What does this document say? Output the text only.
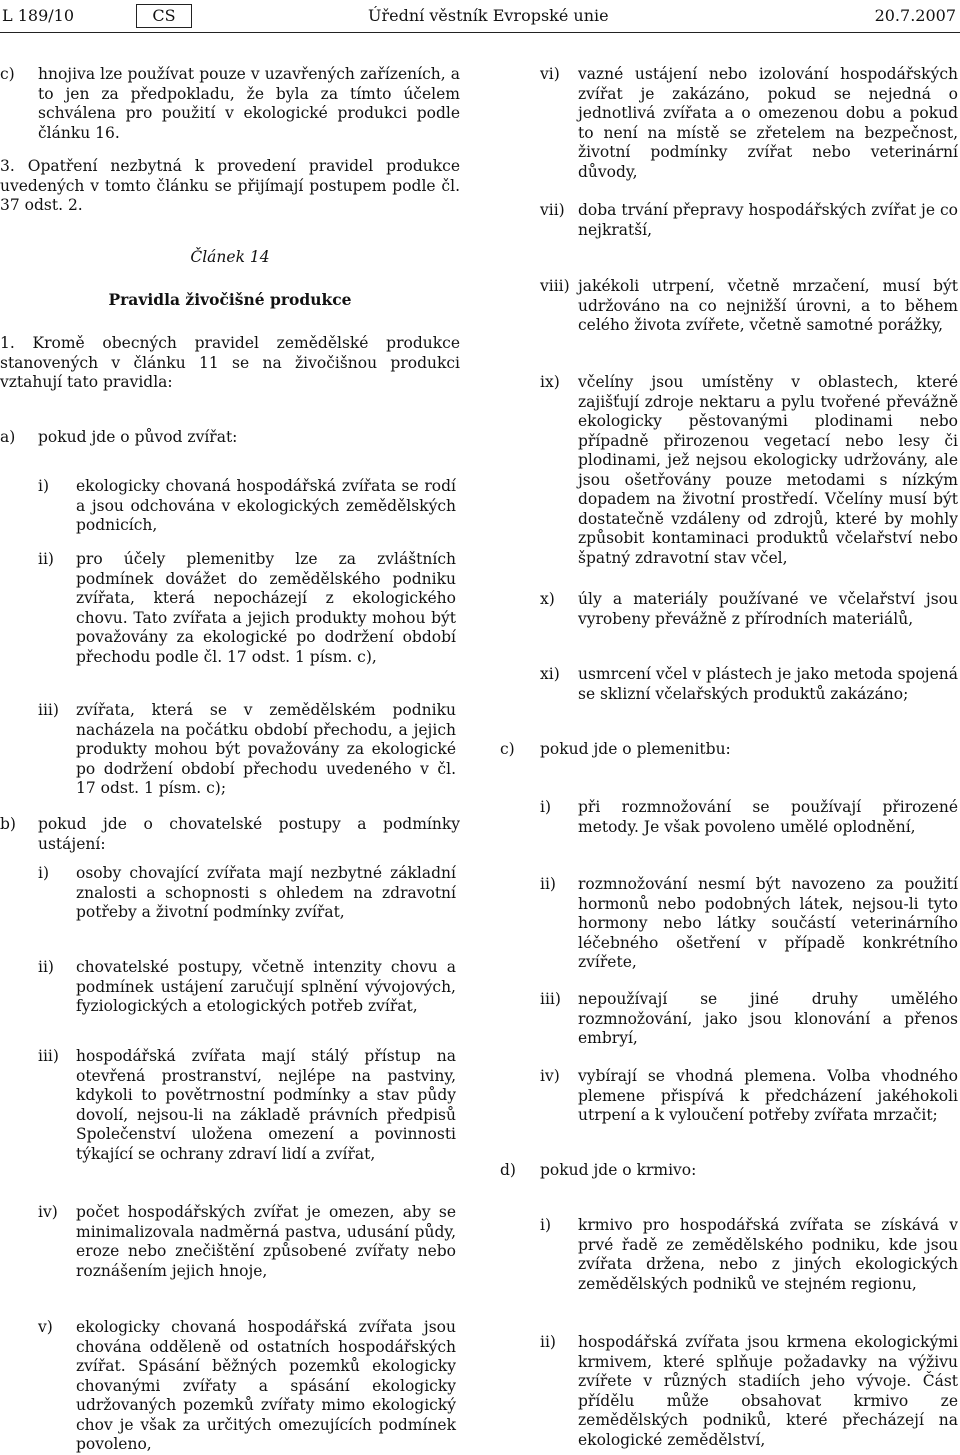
L 189/10	CS	Úřední věstník Evropské unie	20.7.2007
c) hnojiva lze používat pouze v uzavřených zařízeních, a to jen za předpokladu, že byla za tímto účelem schválena pro použití v ekologické produkci podle článku 16.
3. Opatření nezbytná k provedení pravidel produkce uvedených v tomto článku se přijímají postupem podle čl. 37 odst. 2.
Článek 14
Pravidla živočišné produkce
1. Kromě obecných pravidel zemědělské produkce stanovených v článku 11 se na živočišnou produkci vztahují tato pravidla:
a) pokud jde o původ zvířat:
i) ekologicky chovaná hospodářská zvířata se rodí a jsou odchována v ekologických zemědělských podnicích,
ii) pro účely plemenitby lze za zvláštních podmínek dovážet do zemědělského podniku zvířata, která nepocházejí z ekologického chovu. Tato zvířata a jejich produkty mohou být považovány za ekologické po dodržení období přechodu podle čl. 17 odst. 1 písm. c),
iii) zvířata, která se v zemědělském podniku nacházela na počátku období přechodu, a jejich produkty mohou být považovány za ekologické po dodržení období přechodu uvedeného v čl. 17 odst. 1 písm. c);
b) pokud jde o chovatelské postupy a podmínky ustájení:
i) osoby chovající zvířata mají nezbytné základní znalosti a schopnosti s ohledem na zdravotní potřeby a životní podmínky zvířat,
ii) chovatelské postupy, včetně intenzity chovu a podmínek ustájení zaručují splnění vývojových, fyziologických a etologických potřeb zvířat,
iii) hospodářská zvířata mají stálý přístup na otevřená prostranství, nejlépe na pastviny, kdykoli to povětrnostní podmínky a stav půdy dovolí, nejsou-li na základě právních předpisů Společenství uložena omezení a povinnosti týkající se ochrany zdraví lidí a zvířat,
iv) počet hospodářských zvířat je omezen, aby se minimalizovala nadměrná pastva, udusání půdy, eroze nebo znečištění způsobené zvířaty nebo roznášením jejich hnoje,
v) ekologicky chovaná hospodářská zvířata jsou chována odděleně od ostatních hospodářských zvířat. Spásání běžných pozemků ekologicky chovanými zvířaty a spásání ekologicky udržovaných pozemků zvířaty mimo ekologický chov je však za určitých omezujících podmínek povoleno,
vi) vazné ustájení nebo izolování hospodářských zvířat je zakázáno, pokud se nejedná o jednotlivá zvířata a o omezenou dobu a pokud to není na místě se zřetelem na bezpečnost, životní podmínky zvířat nebo veterinární důvody,
vii) doba trvání přepravy hospodářských zvířat je co nejkratší,
viii) jakékoli utrpení, včetně mrzačení, musí být udržováno na co nejnižší úrovni, a to během celého života zvířete, včetně samotné porážky,
ix) včelíny jsou umístěny v oblastech, které zajišťují zdroje nektaru a pylu tvořené převážně ekologicky pěstovanými plodinami nebo případně přirozenou vegetací nebo lesy či plodinami, jež nejsou ekologicky udržovány, ale jsou ošetřovány pouze metodami s nízkým dopadem na životní prostředí. Včelíny musí být dostatečně vzdáleny od zdrojů, které by mohly způsobit kontaminaci produktů včelařství nebo špatný zdravotní stav včel,
x) úly a materiály používané ve včelařství jsou vyrobeny převážně z přírodních materiálů,
xi) usmrcení včel v plástech je jako metoda spojená se sklizní včelařských produktů zakázáno;
c) pokud jde o plemenitbu:
i) při rozmnožování se používají přirozené metody. Je však povoleno umělé oplodnění,
ii) rozmnožování nesmí být navozeno za použití hormonů nebo podobných látek, nejsou-li tyto hormony nebo látky součástí veterinárního léčebného ošetření v případě konkrétního zvířete,
iii) nepoužívají se jiné druhy umělého rozmnožování, jako jsou klonování a přenos embryí,
iv) vybírají se vhodná plemena. Volba vhodného plemene přispívá k předcházení jakéhokoli utrpení a k vyloučení potřeby zvířata mrzačit;
d) pokud jde o krmivo:
i) krmivo pro hospodářská zvířata se získává v prvé řadě ze zemědělského podniku, kde jsou zvířata držena, nebo z jiných ekologických zemědělských podniků ve stejném regionu,
ii) hospodářská zvířata jsou krmena ekologickými krmivem, které splňuje požadavky na výživu zvířete v různých stadiích jeho vývoje. Část přídělu může obsahovat krmivo ze zemědělských podniků, které přecházejí na ekologické zemědělství,
